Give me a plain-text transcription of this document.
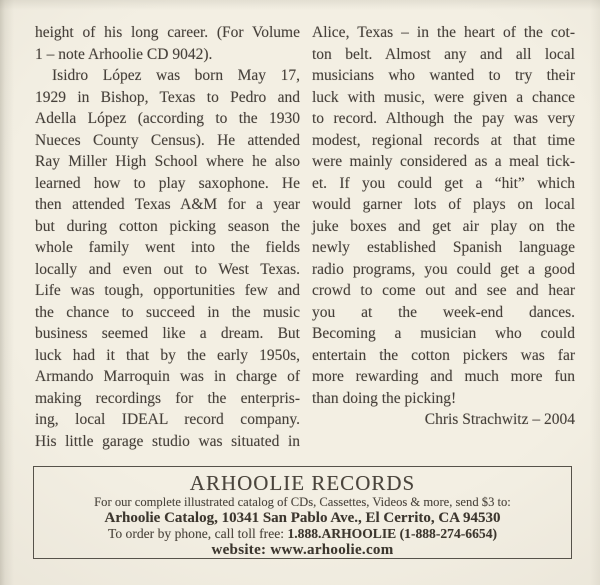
height of his long career. (For Volume
1 – note Arhoolie CD 9042).
Isidro López was born May 17,
1929 in Bishop, Texas to Pedro and
Adella López (according to the 1930
Nueces County Census). He attended
Ray Miller High School where he also
learned how to play saxophone. He
then attended Texas A&M for a year
but during cotton picking season the
whole family went into the fields
locally and even out to West Texas.
Life was tough, opportunities few and
the chance to succeed in the music
business seemed like a dream. But
luck had it that by the early 1950s,
Armando Marroquin was in charge of
making recordings for the enterpris-
ing, local IDEAL record company.
His little garage studio was situated in
Alice, Texas – in the heart of the cot-
ton belt. Almost any and all local
musicians who wanted to try their
luck with music, were given a chance
to record. Although the pay was very
modest, regional records at that time
were mainly considered as a meal tick-
et. If you could get a “hit” which
would garner lots of plays on local
juke boxes and get air play on the
newly established Spanish language
radio programs, you could get a good
crowd to come out and see and hear
you at the week-end dances.
Becoming a musician who could
entertain the cotton pickers was far
more rewarding and much more fun
than doing the picking!
Chris Strachwitz – 2004
ARHOOLIE RECORDS
For our complete illustrated catalog of CDs, Cassettes, Videos & more, send $3 to:
Arhoolie Catalog, 10341 San Pablo Ave., El Cerrito, CA 94530
To order by phone, call toll free: 1.888.ARHOOLIE (1-888-274-6654)
website: www.arhoolie.com
